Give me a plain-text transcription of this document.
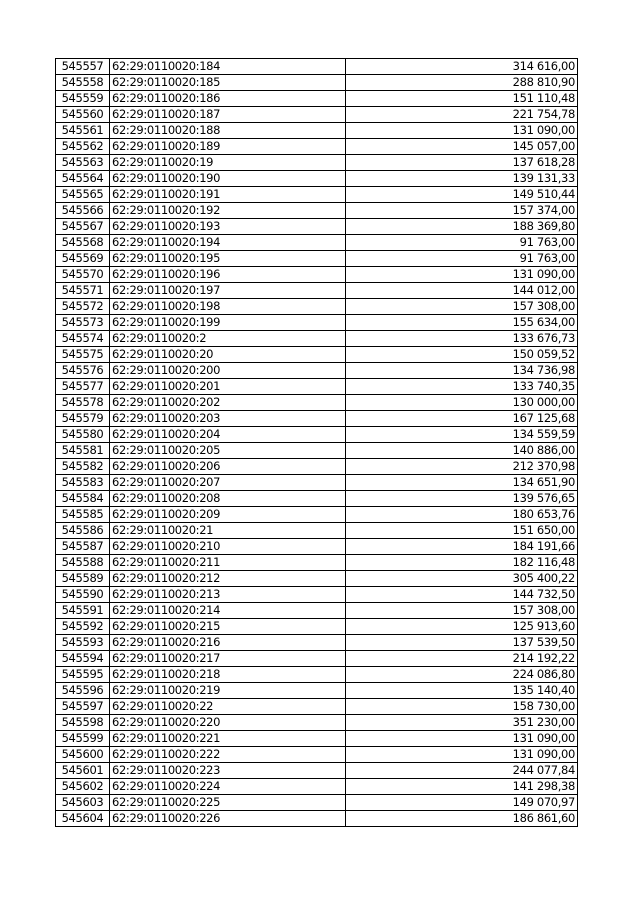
545557	62:29:0110020:184	314 616,00
545558	62:29:0110020:185	288 810,90
545559	62:29:0110020:186	151 110,48
545560	62:29:0110020:187	221 754,78
545561	62:29:0110020:188	131 090,00
545562	62:29:0110020:189	145 057,00
545563	62:29:0110020:19	137 618,28
545564	62:29:0110020:190	139 131,33
545565	62:29:0110020:191	149 510,44
545566	62:29:0110020:192	157 374,00
545567	62:29:0110020:193	188 369,80
545568	62:29:0110020:194	91 763,00
545569	62:29:0110020:195	91 763,00
545570	62:29:0110020:196	131 090,00
545571	62:29:0110020:197	144 012,00
545572	62:29:0110020:198	157 308,00
545573	62:29:0110020:199	155 634,00
545574	62:29:0110020:2	133 676,73
545575	62:29:0110020:20	150 059,52
545576	62:29:0110020:200	134 736,98
545577	62:29:0110020:201	133 740,35
545578	62:29:0110020:202	130 000,00
545579	62:29:0110020:203	167 125,68
545580	62:29:0110020:204	134 559,59
545581	62:29:0110020:205	140 886,00
545582	62:29:0110020:206	212 370,98
545583	62:29:0110020:207	134 651,90
545584	62:29:0110020:208	139 576,65
545585	62:29:0110020:209	180 653,76
545586	62:29:0110020:21	151 650,00
545587	62:29:0110020:210	184 191,66
545588	62:29:0110020:211	182 116,48
545589	62:29:0110020:212	305 400,22
545590	62:29:0110020:213	144 732,50
545591	62:29:0110020:214	157 308,00
545592	62:29:0110020:215	125 913,60
545593	62:29:0110020:216	137 539,50
545594	62:29:0110020:217	214 192,22
545595	62:29:0110020:218	224 086,80
545596	62:29:0110020:219	135 140,40
545597	62:29:0110020:22	158 730,00
545598	62:29:0110020:220	351 230,00
545599	62:29:0110020:221	131 090,00
545600	62:29:0110020:222	131 090,00
545601	62:29:0110020:223	244 077,84
545602	62:29:0110020:224	141 298,38
545603	62:29:0110020:225	149 070,97
545604	62:29:0110020:226	186 861,60
